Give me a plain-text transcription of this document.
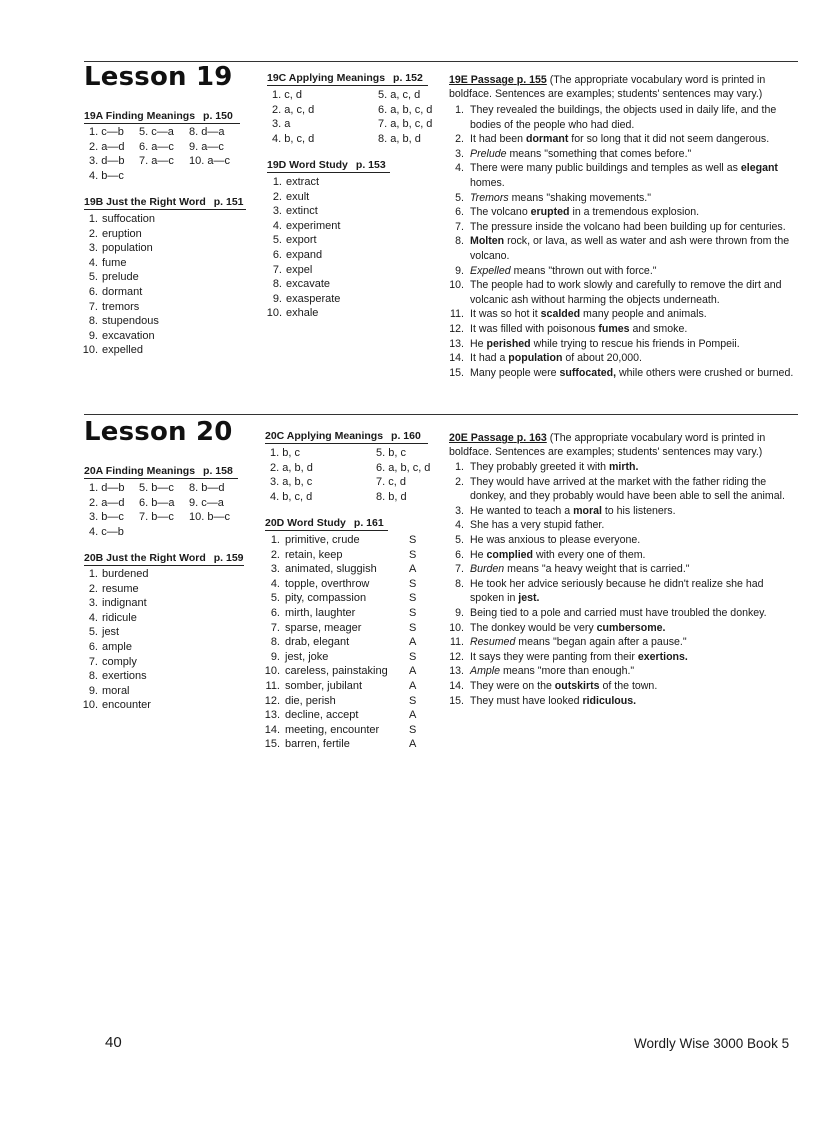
Lesson 19
19A Finding Meanings p. 150
1. c—b	5. c—a	8. d—a
2. a—d	6. a—c	9. a—c
3. d—b	7. a—c	10. a—c
4. b—c
19B Just the Right Word p. 151
1. suffocation
2. eruption
3. population
4. fume
5. prelude
6. dormant
7. tremors
8. stupendous
9. excavation
10. expelled
19C Applying Meanings p. 152
1. c, d	5. a, c, d
2. a, c, d	6. a, b, c, d
3. a	7. a, b, c, d
4. b, c, d	8. a, b, d
19D Word Study p. 153
1. extract
2. exult
3. extinct
4. experiment
5. export
6. expand
7. expel
8. excavate
9. exasperate
10. exhale
19E Passage p. 155 (The appropriate vocabulary word is printed in
boldface. Sentences are examples; students' sentences may vary.)
1. They revealed the buildings, the objects used in daily life, and the bodies of the people who had died.
2. It had been dormant for so long that it did not seem dangerous.
3. Prelude means "something that comes before."
4. There were many public buildings and temples as well as elegant homes.
5. Tremors means "shaking movements."
6. The volcano erupted in a tremendous explosion.
7. The pressure inside the volcano had been building up for centuries.
8. Molten rock, or lava, as well as water and ash were thrown from the volcano.
9. Expelled means "thrown out with force."
10. The people had to work slowly and carefully to remove the dirt and volcanic ash without harming the objects underneath.
11. It was so hot it scalded many people and animals.
12. It was filled with poisonous fumes and smoke.
13. He perished while trying to rescue his friends in Pompeii.
14. It had a population of about 20,000.
15. Many people were suffocated, while others were crushed or burned.
Lesson 20
20A Finding Meanings p. 158
1. d—b	5. b—c	8. b—d
2. a—d	6. b—a	9. c—a
3. b—c	7. b—c	10. b—c
4. c—b
20B Just the Right Word p. 159
1. burdened
2. resume
3. indignant
4. ridicule
5. jest
6. ample
7. comply
8. exertions
9. moral
10. encounter
20C Applying Meanings p. 160
1. b, c	5. b, c
2. a, b, d	6. a, b, c, d
3. a, b, c	7. c, d
4. b, c, d	8. b, d
20D Word Study p. 161
1. primitive, crude	S
2. retain, keep	S
3. animated, sluggish	A
4. topple, overthrow	S
5. pity, compassion	S
6. mirth, laughter	S
7. sparse, meager	S
8. drab, elegant	A
9. jest, joke	S
10. careless, painstaking	A
11. somber, jubilant	A
12. die, perish	S
13. decline, accept	A
14. meeting, encounter	S
15. barren, fertile	A
20E Passage p. 163 (The appropriate vocabulary word is printed in
boldface. Sentences are examples; students' sentences may vary.)
1. They probably greeted it with mirth.
2. They would have arrived at the market with the father riding the donkey, and they probably would have been able to sell the animal.
3. He wanted to teach a moral to his listeners.
4. She has a very stupid father.
5. He was anxious to please everyone.
6. He complied with every one of them.
7. Burden means "a heavy weight that is carried."
8. He took her advice seriously because he didn't realize she had spoken in jest.
9. Being tied to a pole and carried must have troubled the donkey.
10. The donkey would be very cumbersome.
11. Resumed means "began again after a pause."
12. It says they were panting from their exertions.
13. Ample means "more than enough."
14. They were on the outskirts of the town.
15. They must have looked ridiculous.
40	Wordly Wise 3000 Book 5
